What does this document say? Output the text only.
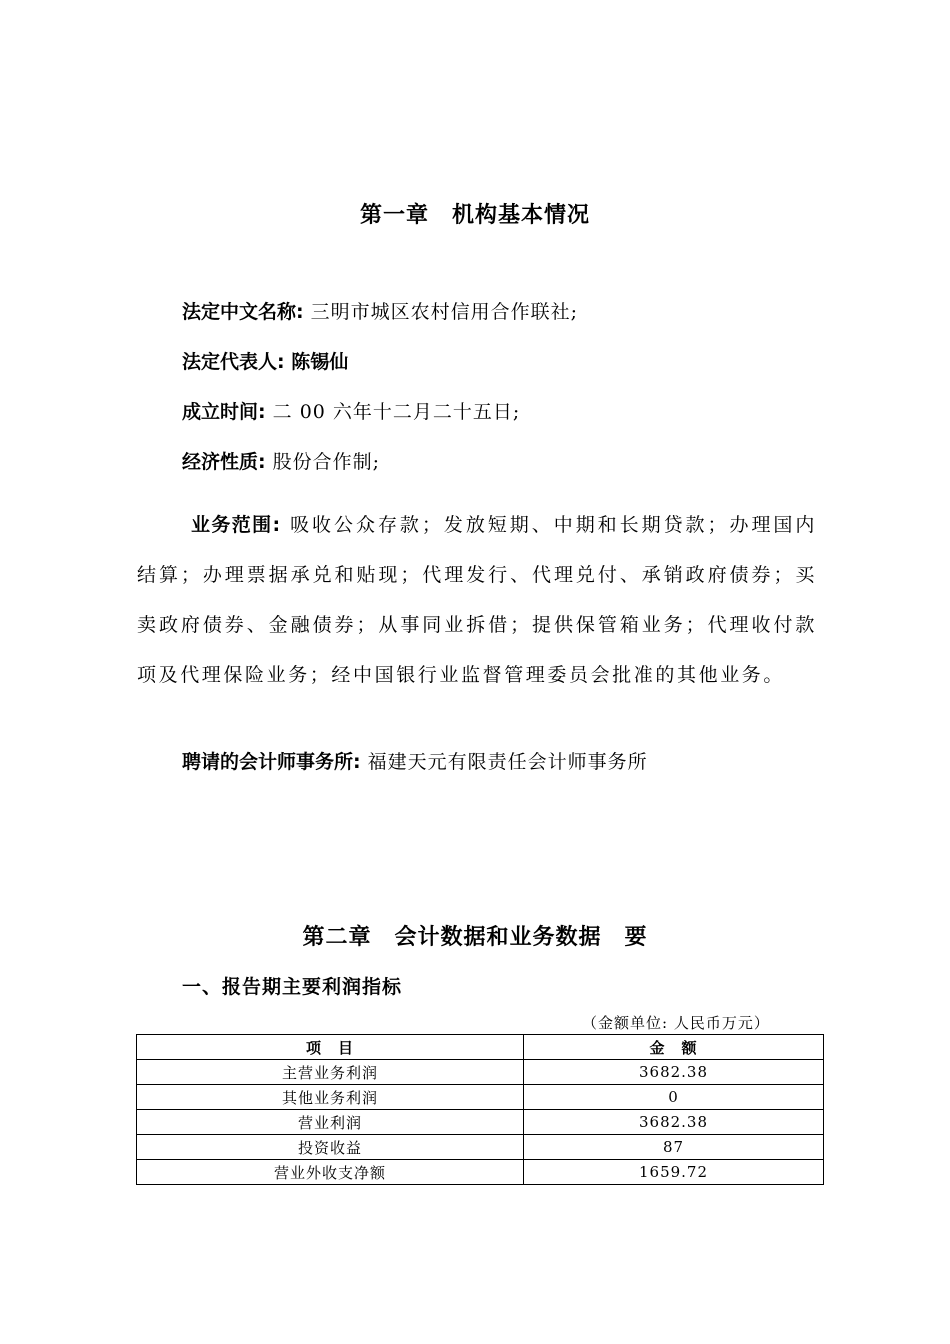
第一章　机构基本情况
法定中文名称: 三明市城区农村信用合作联社;
法定代表人: 陈锡仙
成立时间: 二 00 六年十二月二十五日;
经济性质: 股份合作制;
业务范围: 吸收公众存款；发放短期、中期和长期贷款；办理国内结算；办理票据承兑和贴现；代理发行、代理兑付、承销政府债券；买卖政府债券、金融债券；从事同业拆借；提供保管箱业务；代理收付款项及代理保险业务；经中国银行业监督管理委员会批准的其他业务。
聘请的会计师事务所: 福建天元有限责任会计师事务所
第二章　会计数据和业务数据　要
一、报告期主要利润指标
（金额单位: 人民币万元）
项　目	金　额
主营业务利润	3682.38
其他业务利润	0
营业利润	3682.38
投资收益	87
营业外收支净额	1659.72
